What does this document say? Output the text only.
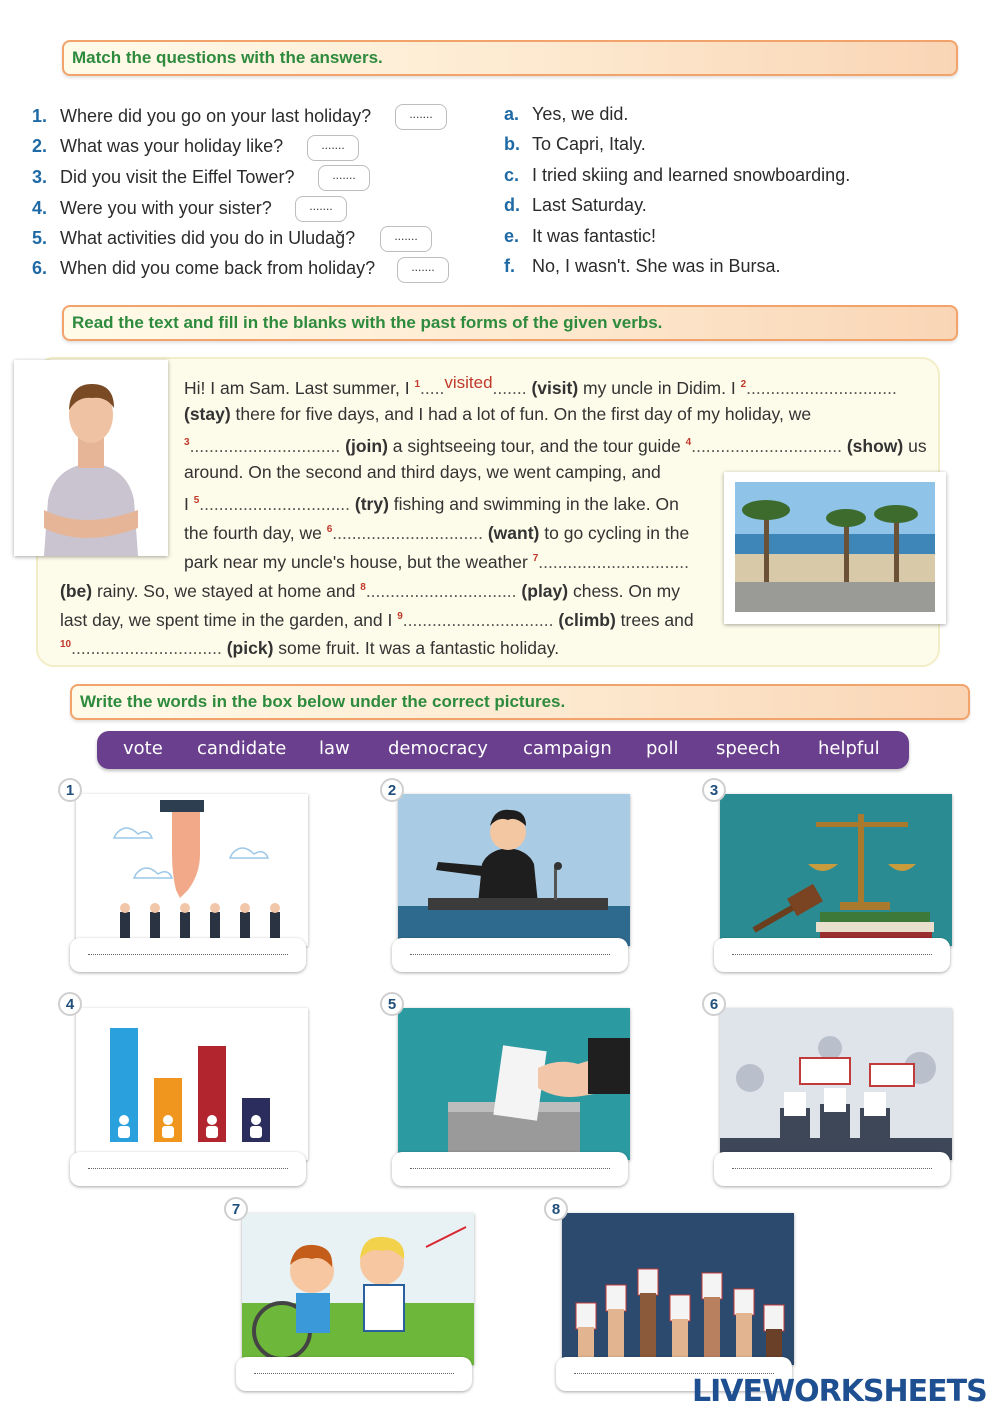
Match the questions with the answers.
1. Where did you go on your last holiday?	.......
2. What was your holiday like?	.......
3. Did you visit the Eiffel Tower?	.......
4. Were you with your sister?	.......
5. What activities did you do in Uludağ?	.......
6. When did you come back from holiday?	.......
a. Yes, we did.
b. To Capri, Italy.
c. I tried skiing and learned snowboarding.
d. Last Saturday.
e. It was fantastic!
f. No, I wasn't. She was in Bursa.
Read the text and fill in the blanks with the past forms of the given verbs.
Hi! I am Sam. Last summer, I $^1$.....visited....... (visit) my uncle in Didim. I $^2$...............................
(stay) there for five days, and I had a lot of fun. On the first day of my holiday, we
$^3$............................... (join) a sightseeing tour, and the tour guide $^4$............................... (show) us
around. On the second and third days, we went camping, and
I $^5$............................... (try) fishing and swimming in the lake. On
the fourth day, we $^6$............................... (want) to go cycling in the
park near my uncle's house, but the weather $^7$...............................
(be) rainy. So, we stayed at home and $^8$............................... (play) chess. On my
last day, we spent time in the garden, and I $^9$............................... (climb) trees and
$^{10}$............................... (pick) some fruit. It was a fantastic holiday.
Write the words in the box below under the correct pictures.
vote candidate law democracy campaign poll speech helpful
1	2	3
4	5	6
7	8
LIVEWORKSHEETS
